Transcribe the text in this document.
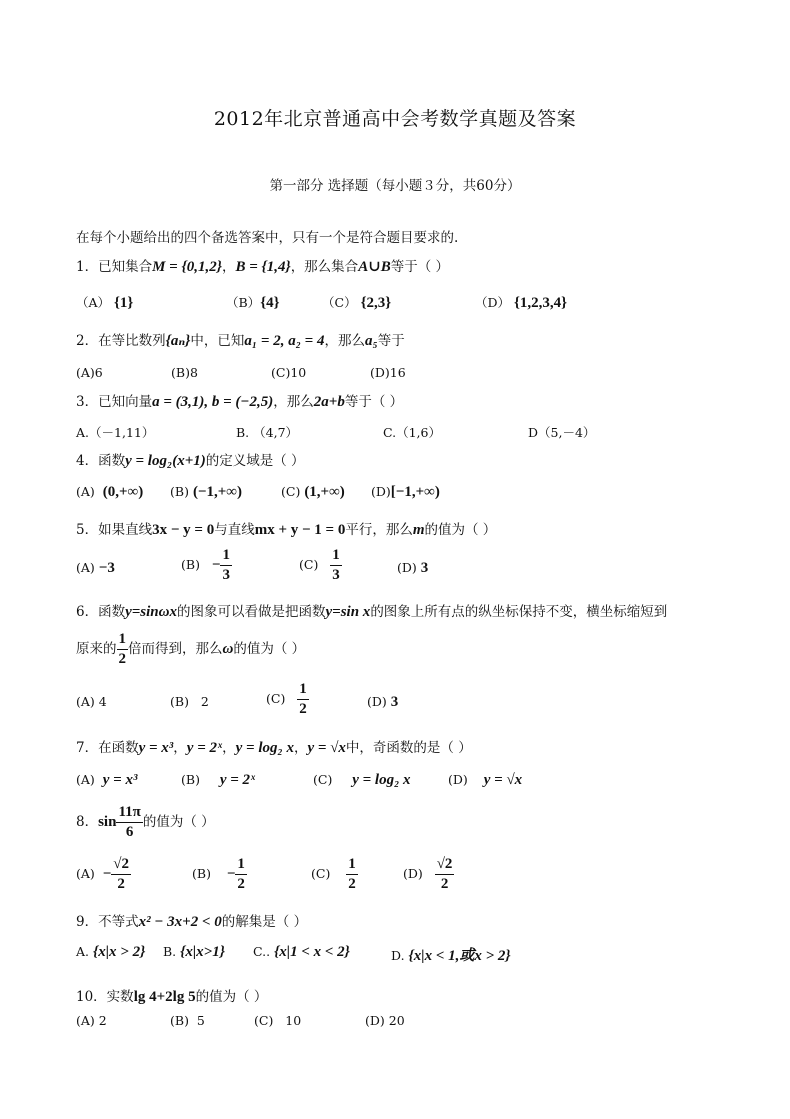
2012年北京普通高中会考数学真题及答案
第一部分 选择题（每小题３分，共60分）
在每个小题给出的四个备选答案中，只有一个是符合题目要求的.
1．已知集合M = {0,1,2}，B = {1,4}，那么集合A∪B等于（ ）
（A） {1}	（B）{4}	（C） {2,3}	（D） {1,2,3,4}
2．在等比数列{aₙ}中，已知a₁ = 2, a₂ = 4，那么a₅等于
(A)6	(B)8	(C)10	(D)16
3．已知向量a = (3,1), b = (−2,5)，那么2a+b等于（ ）
A.（－1,11）	B. （4,7）	C.（1,6）	D（5,－4）
4．函数y = log₂(x+1)的定义域是（ ）
(A) (0,+∞) (B) (−1,+∞)	(C) (1,+∞) (D)[−1,+∞)
5．如果直线3x − y = 0与直线mx + y − 1 = 0平行，那么m的值为（ ）
(A) −3	$(B) - \frac{1}{3}$	$(C) \frac{1}{3}$	(D) 3
6．函数y=sinωx的图象可以看做是把函数y=sin x的图象上所有点的纵坐标保持不变，横坐标缩短到
原来的 $\frac{1}{2}$ 倍而得到，那么ω的值为（ ）
(A) 4	(B) 2	$(C) \frac{1}{2}$	(D) 3
7．在函数y = x³，y = 2ˣ，y = log₂ x，y = √x中，奇函数的是（ ）
(A) y = x³	(B) y = 2ˣ	(C) y = log₂ x	(D) y = √x
8．$\sin \frac{11\pi}{6}$ 的值为（ ）
$(A) - \frac{√2}{2}$	$(B) - \frac{1}{2}$	$(C) \frac{1}{2}$	$(D) \frac{√2}{2}$
9．不等式x² − 3x+2 < 0的解集是（ ）
A. {x|x > 2} B. {x|x>1} C.. {x|1 < x < 2}	D. {x|x < 1,或x > 2}
10．实数lg 4+2lg 5的值为（ ）
(A) 2	(B) 5	(C) 10	(D) 20
